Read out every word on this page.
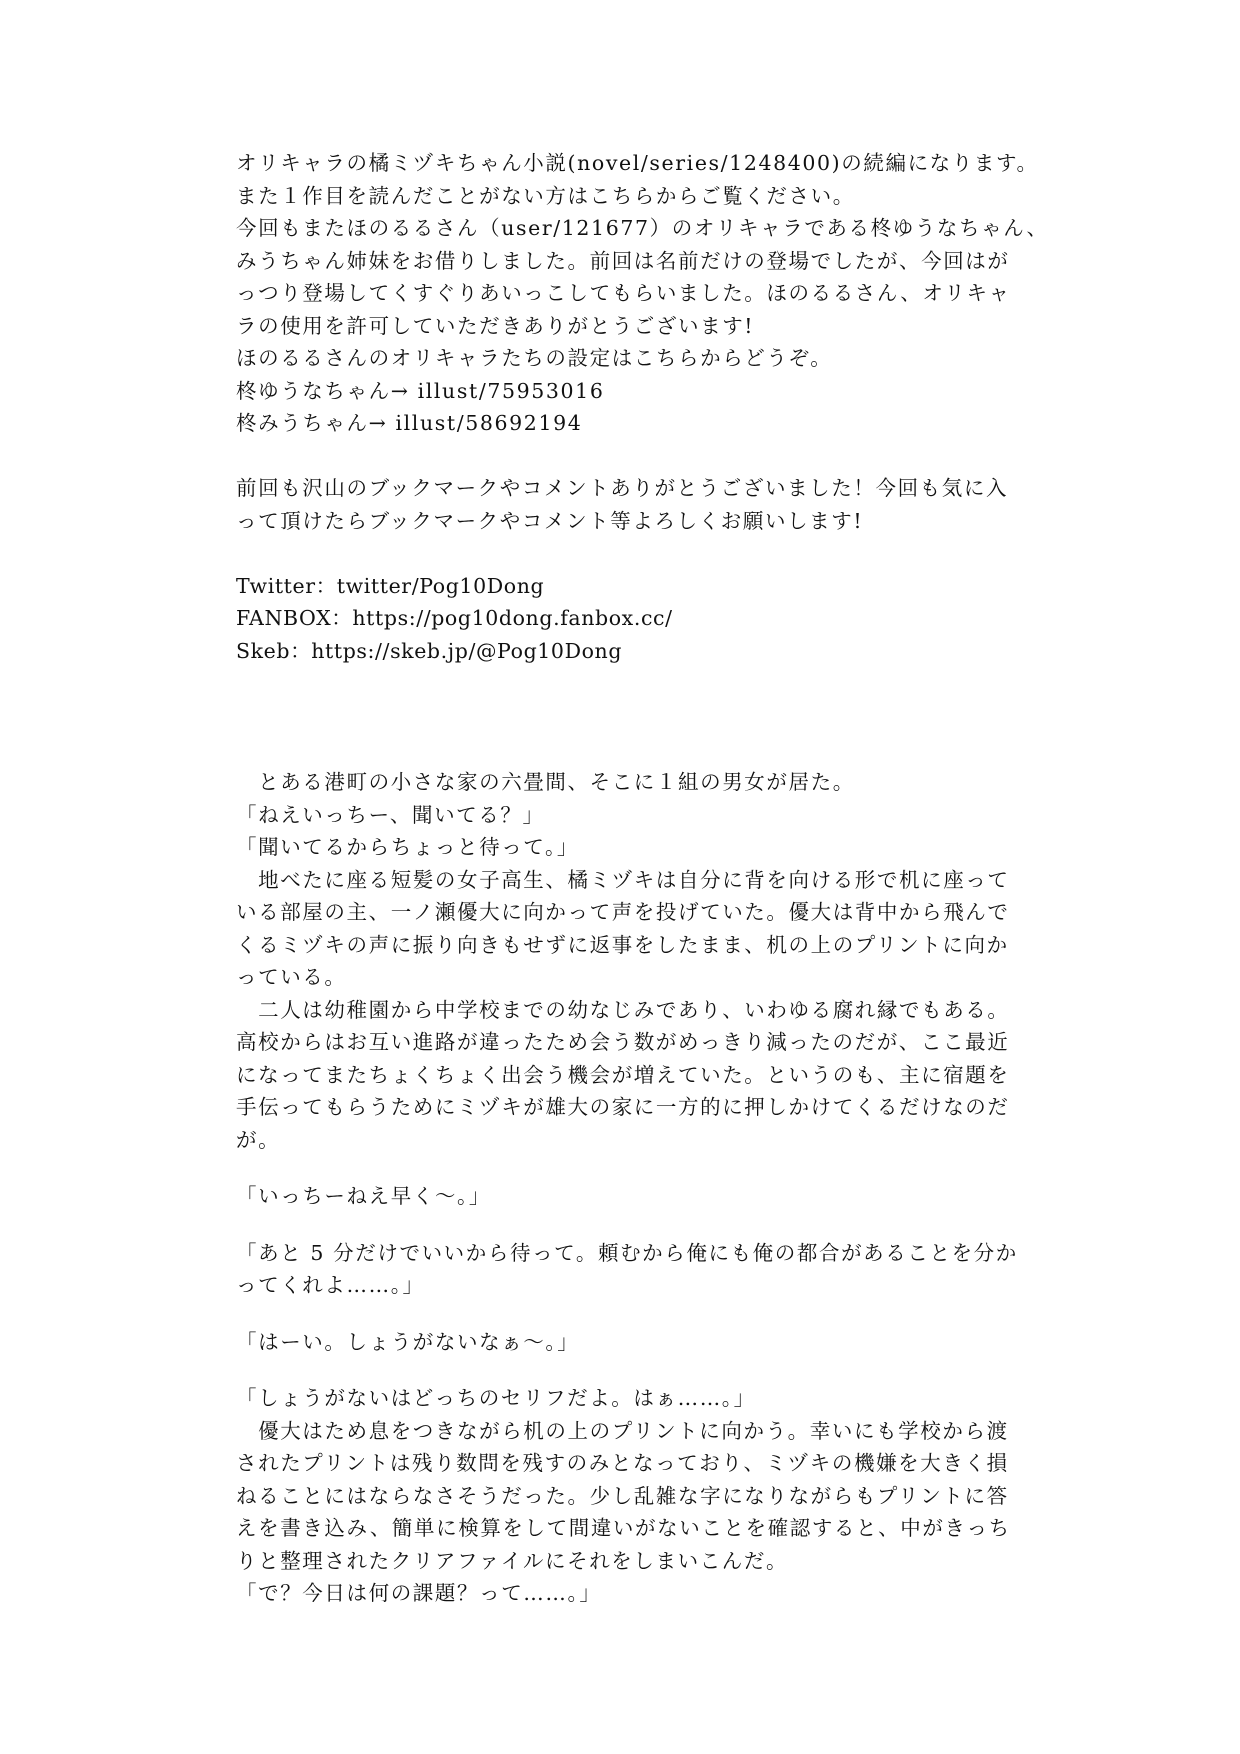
オリキャラの橘ミヅキちゃん小説(novel/series/1248400)の続編になります。
また１作目を読んだことがない方はこちらからご覧ください。
今回もまたほのるるさん（user/121677）のオリキャラである柊ゆうなちゃん、
みうちゃん姉妹をお借りしました。前回は名前だけの登場でしたが、今回はが
っつり登場してくすぐりあいっこしてもらいました。ほのるるさん、オリキャ
ラの使用を許可していただきありがとうございます!
ほのるるさんのオリキャラたちの設定はこちらからどうぞ。
柊ゆうなちゃん→ illust/75953016
柊みうちゃん→ illust/58692194
前回も沢山のブックマークやコメントありがとうございました！今回も気に入
って頂けたらブックマークやコメント等よろしくお願いします!
Twitter：twitter/Pog10Dong
FANBOX：https://pog10dong.fanbox.cc/
Skeb：https://skeb.jp/@Pog10Dong
　とある港町の小さな家の六畳間、そこに１組の男女が居た。
「ねえいっちー、聞いてる？」
「聞いてるからちょっと待って。」
　地べたに座る短髪の女子高生、橘ミヅキは自分に背を向ける形で机に座って
いる部屋の主、一ノ瀬優大に向かって声を投げていた。優大は背中から飛んで
くるミヅキの声に振り向きもせずに返事をしたまま、机の上のプリントに向か
っている。
　二人は幼稚園から中学校までの幼なじみであり、いわゆる腐れ縁でもある。
高校からはお互い進路が違ったため会う数がめっきり減ったのだが、ここ最近
になってまたちょくちょく出会う機会が増えていた。というのも、主に宿題を
手伝ってもらうためにミヅキが雄大の家に一方的に押しかけてくるだけなのだ
が。
「いっちーねえ早く〜。」
「あと 5 分だけでいいから待って。頼むから俺にも俺の都合があることを分か
ってくれよ……。」
「はーい。しょうがないなぁ〜。」
「しょうがないはどっちのセリフだよ。はぁ……。」
　優大はため息をつきながら机の上のプリントに向かう。幸いにも学校から渡
されたプリントは残り数問を残すのみとなっており、ミヅキの機嫌を大きく損
ねることにはならなさそうだった。少し乱雑な字になりながらもプリントに答
えを書き込み、簡単に検算をして間違いがないことを確認すると、中がきっち
りと整理されたクリアファイルにそれをしまいこんだ。
「で？今日は何の課題？って……。」
